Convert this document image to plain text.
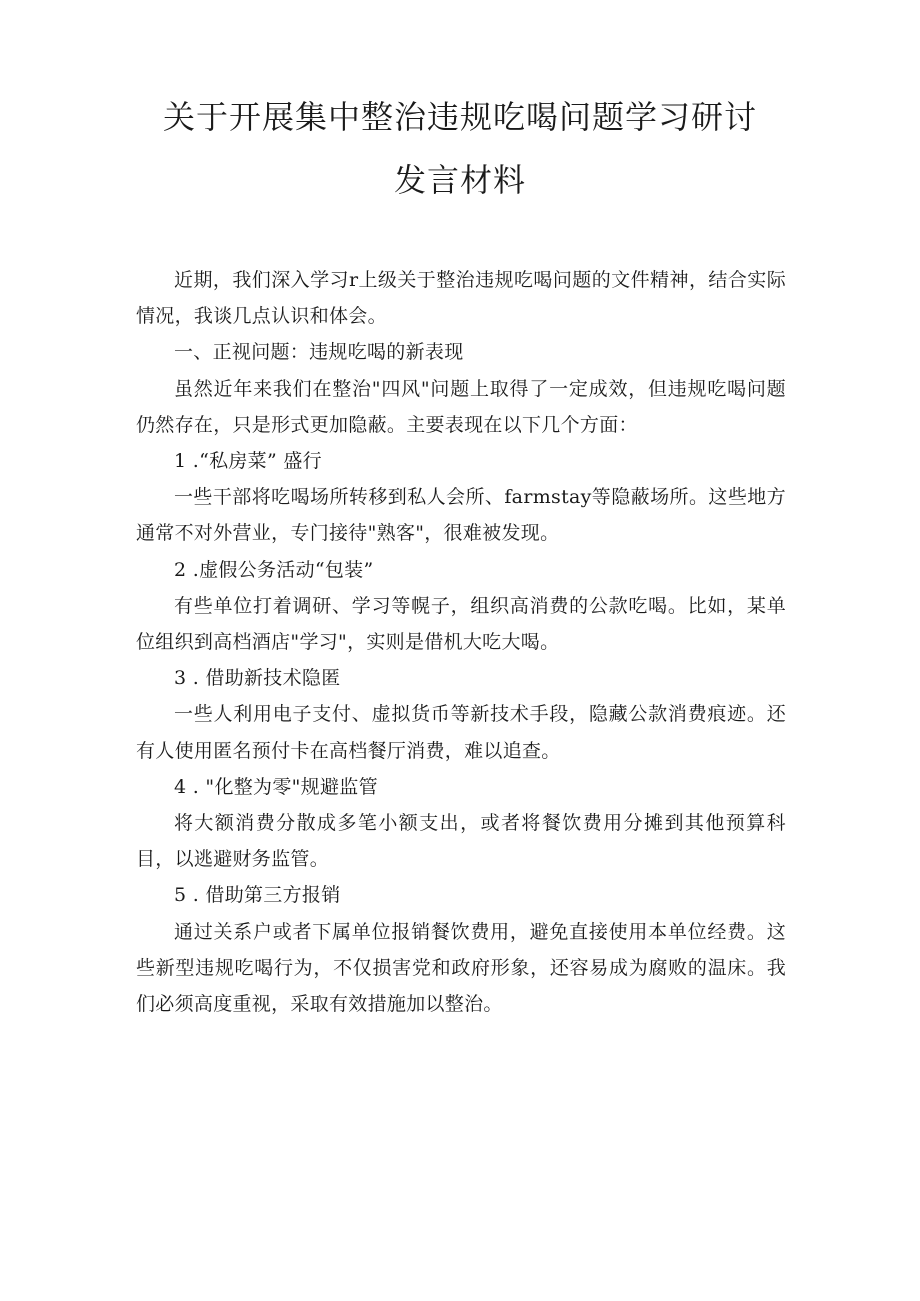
关于开展集中整治违规吃喝问题学习研讨
发言材料

近期，我们深入学习r上级关于整治违规吃喝问题的文件精神，结合实际情况，我谈几点认识和体会。

一、正视问题：违规吃喝的新表现

虽然近年来我们在整治"四风"问题上取得了一定成效，但违规吃喝问题仍然存在，只是形式更加隐蔽。主要表现在以下几个方面：

1 .“私房菜” 盛行

一些干部将吃喝场所转移到私人会所、farmstay等隐蔽场所。这些地方通常不对外营业，专门接待"熟客"，很难被发现。

2 .虚假公务活动“包装”

有些单位打着调研、学习等幌子，组织高消费的公款吃喝。比如，某单位组织到高档酒店"学习"，实则是借机大吃大喝。

3 . 借助新技术隐匿

一些人利用电子支付、虚拟货币等新技术手段，隐藏公款消费痕迹。还有人使用匿名预付卡在高档餐厅消费，难以追查。

4 . "化整为零"规避监管

将大额消费分散成多笔小额支出，或者将餐饮费用分摊到其他预算科目，以逃避财务监管。

5 . 借助第三方报销

通过关系户或者下属单位报销餐饮费用，避免直接使用本单位经费。这些新型违规吃喝行为，不仅损害党和政府形象，还容易成为腐败的温床。我们必须高度重视，采取有效措施加以整治。
